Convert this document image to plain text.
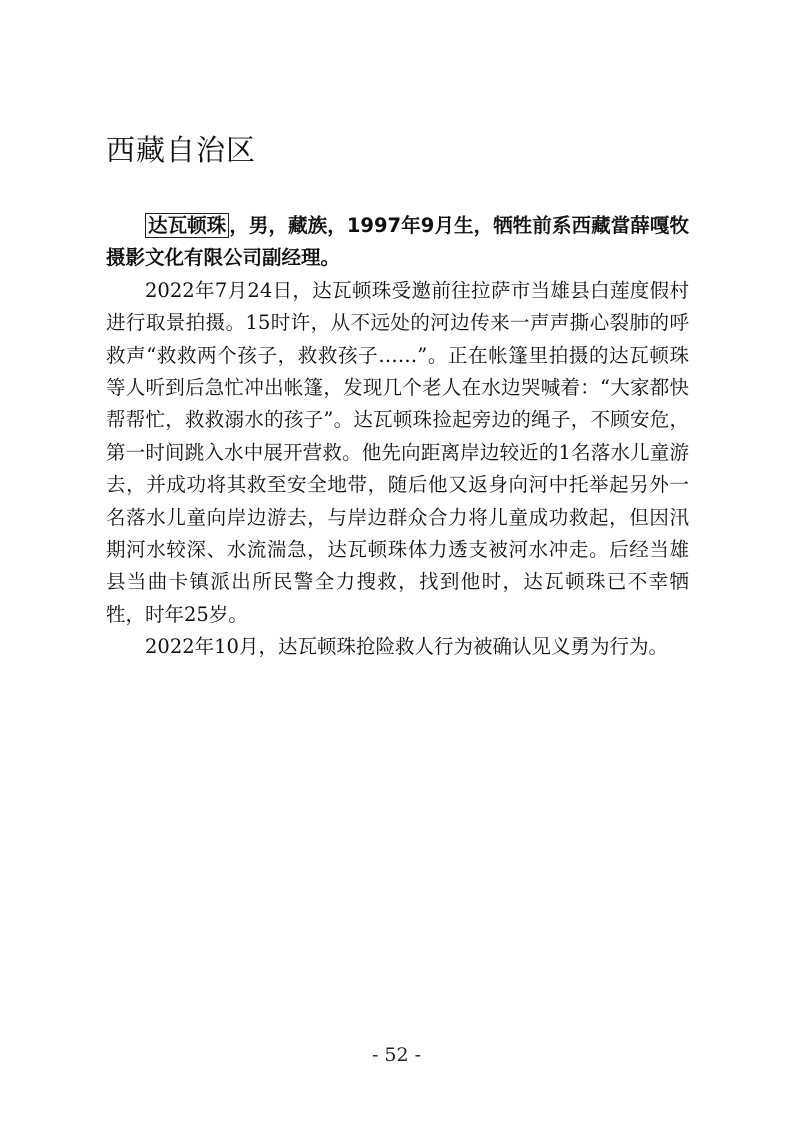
西藏自治区

达瓦顿珠 ，男，藏族，1997年9月生，牺牲前系西藏當薛嘎牧摄影文化有限公司副经理。

2022年7月24日，达瓦顿珠受邀前往拉萨市当雄县白莲度假村进行取景拍摄。15时许，从不远处的河边传来一声声撕心裂肺的呼救声“救救两个孩子，救救孩子……”。正在帐篷里拍摄的达瓦顿珠等人听到后急忙冲出帐篷，发现几个老人在水边哭喊着：“大家都快帮帮忙，救救溺水的孩子”。达瓦顿珠捡起旁边的绳子，不顾安危，第一时间跳入水中展开营救。他先向距离岸边较近的1名落水儿童游去，并成功将其救至安全地带，随后他又返身向河中托举起另外一名落水儿童向岸边游去，与岸边群众合力将儿童成功救起，但因汛期河水较深、水流湍急，达瓦顿珠体力透支被河水冲走。后经当雄县当曲卡镇派出所民警全力搜救，找到他时，达瓦顿珠已不幸牺牲，时年25岁。

2022年10月，达瓦顿珠抢险救人行为被确认见义勇为行为。

- 52 -
